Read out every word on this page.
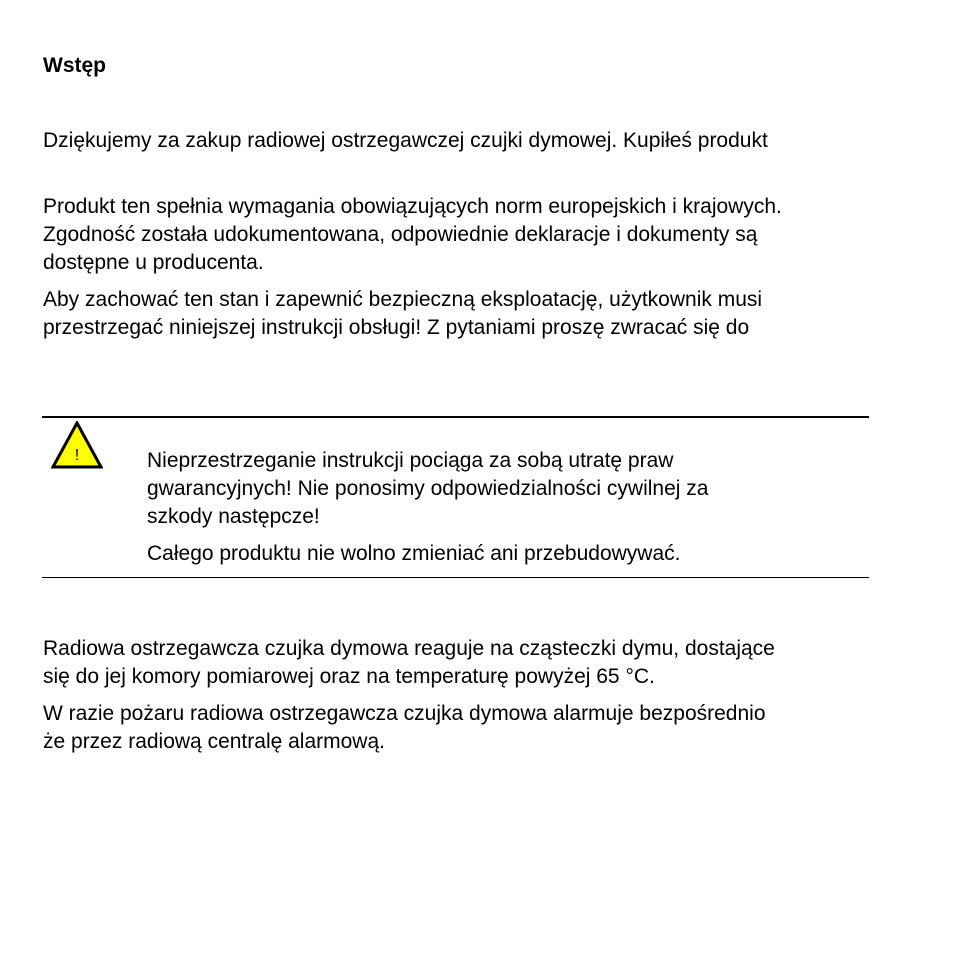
Wstęp

Dziękujemy za zakup radiowej ostrzegawczej czujki dymowej. Kupiłeś produkt

Produkt ten spełnia wymagania obowiązujących norm europejskich i krajowych.
Zgodność została udokumentowana, odpowiednie deklaracje i dokumenty są
dostępne u producenta.

Aby zachować ten stan i zapewnić bezpieczną eksploatację, użytkownik musi
przestrzegać niniejszej instrukcji obsługi! Z pytaniami proszę zwracać się do

!	Nieprzestrzeganie instrukcji pociąga za sobą utratę praw
gwarancyjnych! Nie ponosimy odpowiedzialności cywilnej za
szkody następcze!

Całego produktu nie wolno zmieniać ani przebudowywać.

Radiowa ostrzegawcza czujka dymowa reaguje na cząsteczki dymu, dostające
się do jej komory pomiarowej oraz na temperaturę powyżej 65 °C.

W razie pożaru radiowa ostrzegawcza czujka dymowa alarmuje bezpośrednio
że przez radiową centralę alarmową.
